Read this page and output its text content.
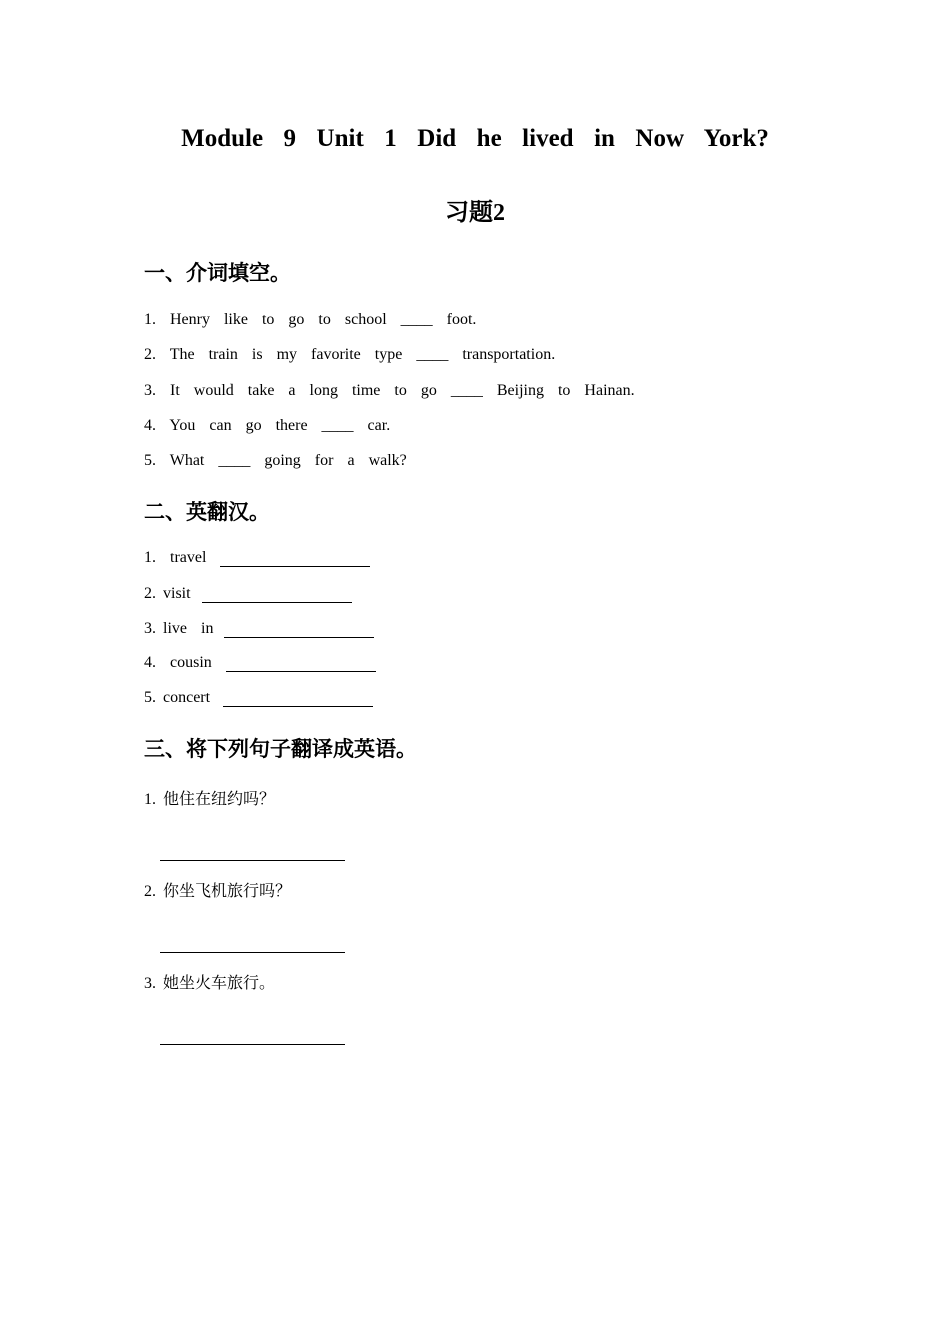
Module  9  Unit  1  Did  he  lived  in  Now  York?
习题2
一、介词填空。
1.  Henry  like  to  go  to  school  ____  foot.
2.  The  train  is  my  favorite  type  ____  transportation.
3.  It  would  take  a  long  time  to  go  ____  Beijing  to  Hainan.
4.  You  can  go  there  ____  car.
5.  What  ____  going  for  a  walk?
二、英翻汉。
1.  travel
2. visit
3. live  in
4.  cousin
5. concert
三、将下列句子翻译成英语。
1. 他住在纽约吗？
2. 你坐飞机旅行吗？
3. 她坐火车旅行。
